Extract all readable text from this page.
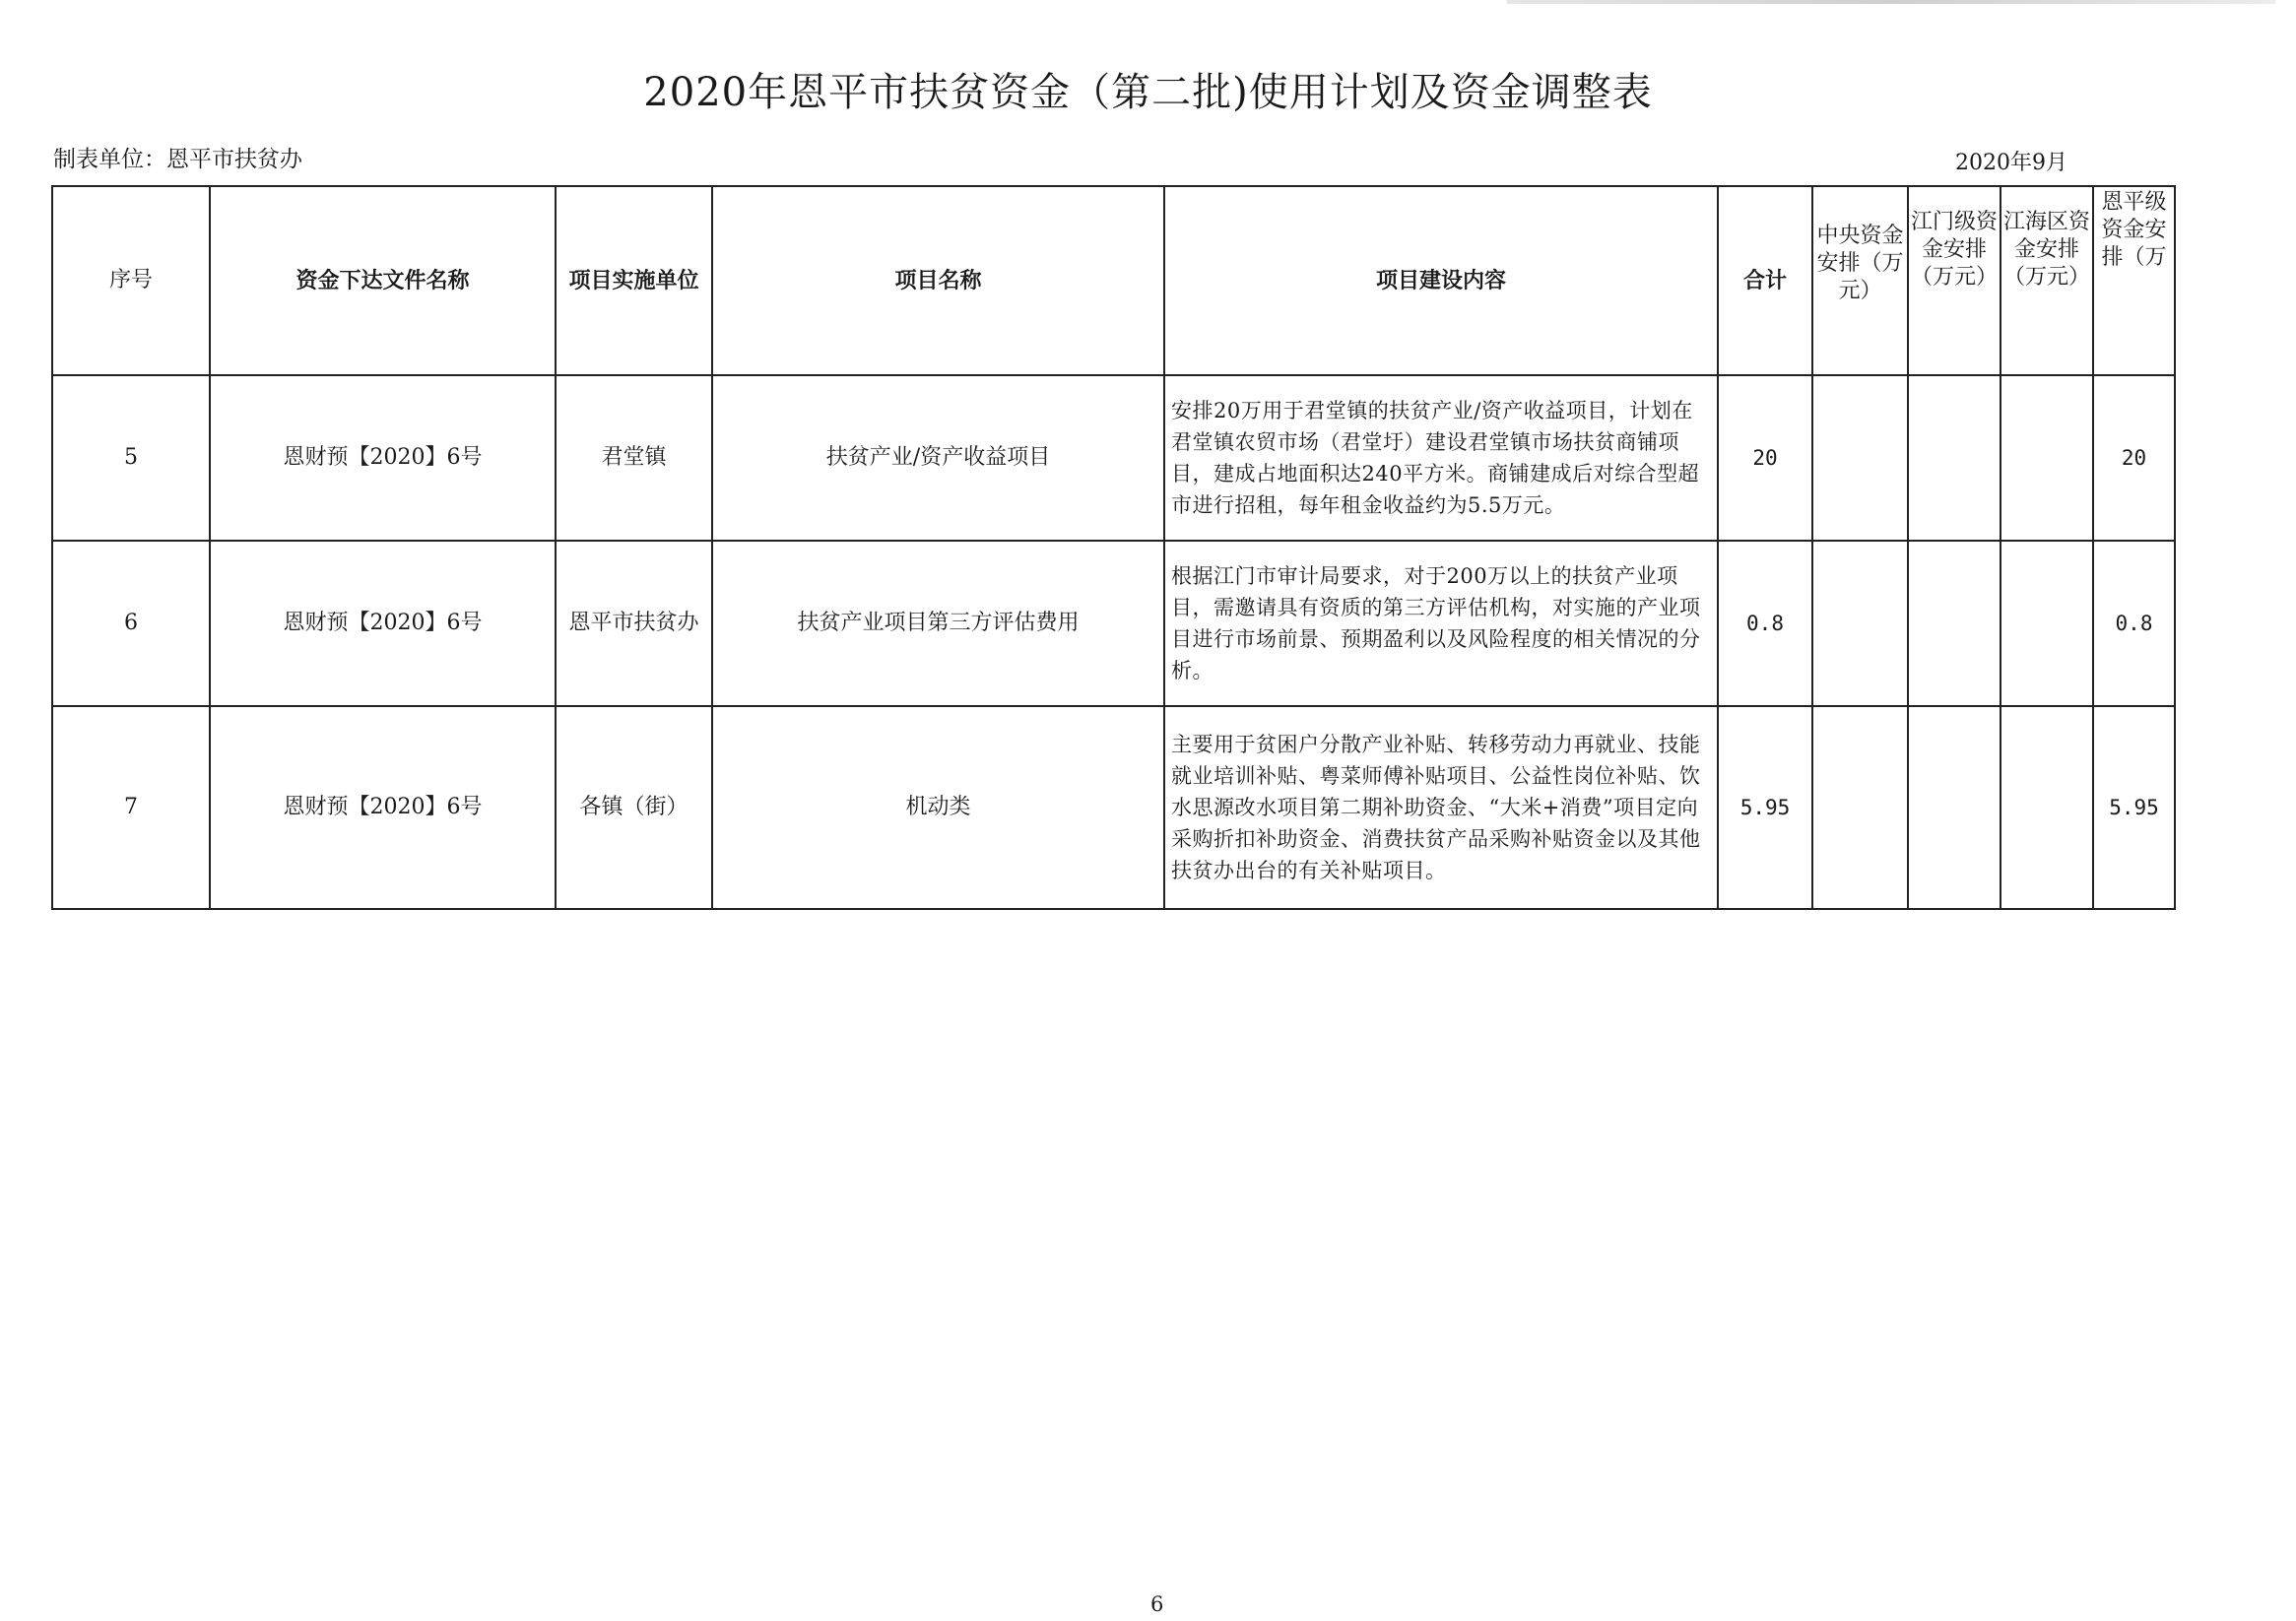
2020年恩平市扶贫资金（第二批)使用计划及资金调整表
制表单位：恩平市扶贫办	2020年9月
序号	资金下达文件名称	项目实施单位	项目名称	项目建设内容	合计	中央资金安排（万元）	江门级资金安排（万元）	江海区资金安排（万元）	恩平级资金安排（万
5	恩财预【2020】6号	君堂镇	扶贫产业/资产收益项目	安排20万用于君堂镇的扶贫产业/资产收益项目，计划在君堂镇农贸市场（君堂圩）建设君堂镇市场扶贫商铺项目，建成占地面积达240平方米。商铺建成后对综合型超市进行招租，每年租金收益约为5.5万元。	20				20
6	恩财预【2020】6号	恩平市扶贫办	扶贫产业项目第三方评估费用	根据江门市审计局要求，对于200万以上的扶贫产业项目，需邀请具有资质的第三方评估机构，对实施的产业项目进行市场前景、预期盈利以及风险程度的相关情况的分析。	0.8				0.8
7	恩财预【2020】6号	各镇（街）	机动类	主要用于贫困户分散产业补贴、转移劳动力再就业、技能就业培训补贴、粤菜师傅补贴项目、公益性岗位补贴、饮水思源改水项目第二期补助资金、“大米+消费”项目定向采购折扣补助资金、消费扶贫产品采购补贴资金以及其他扶贫办出台的有关补贴项目。	5.95				5.95
6
